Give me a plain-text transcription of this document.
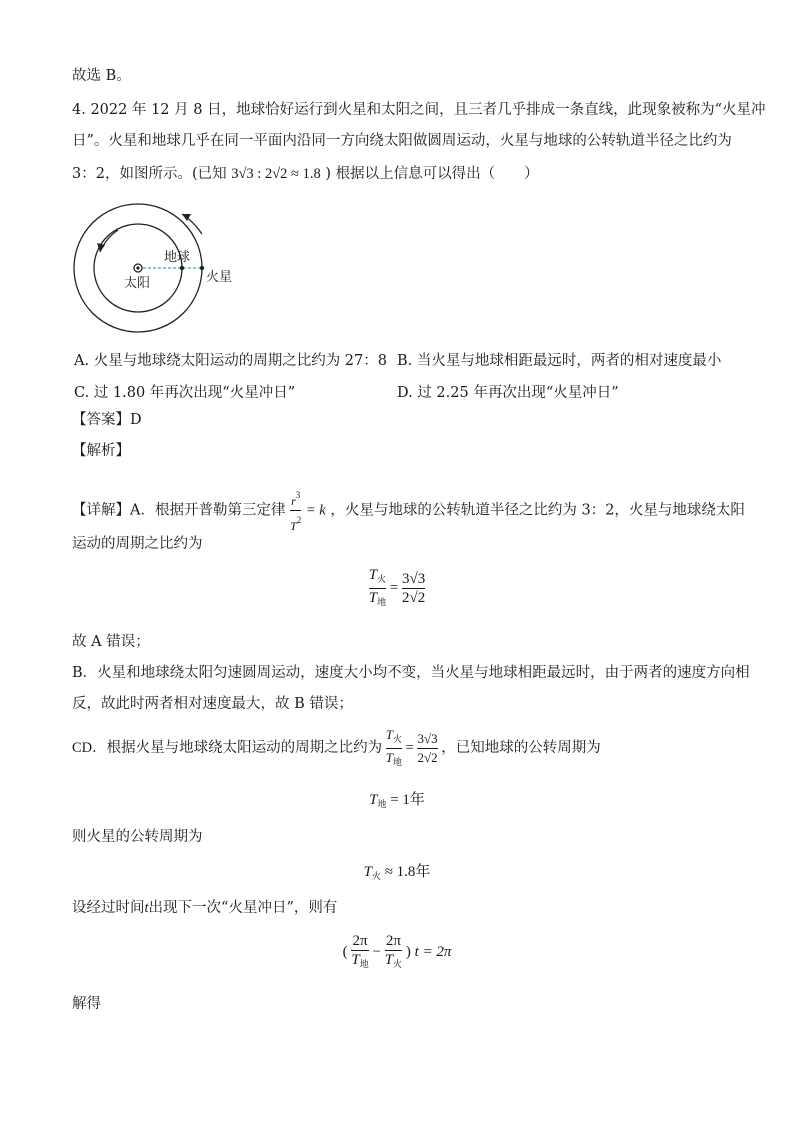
故选 B。
4. 2022 年 12 月 8 日，地球恰好运行到火星和太阳之间，且三者几乎排成一条直线，此现象被称为“火星冲
日”。火星和地球几乎在同一平面内沿同一方向绕太阳做圆周运动，火星与地球的公转轨道半径之比约为
3：2，如图所示。(已知 3√3 : 2√2 ≈ 1.8 ) 根据以上信息可以得出（　　）
地球
太阳	火星
A. 火星与地球绕太阳运动的周期之比约为 27：8 B. 当火星与地球相距最远时，两者的相对速度最小
C. 过 1.80 年再次出现“火星冲日”	D. 过 2.25 年再次出现“火星冲日”
【答案】D
【解析】
【详解】A．根据开普勒第三定律 $\frac{r^3}{T^2} = k$ ，火星与地球的公转轨道半径之比约为 3：2，火星与地球绕太阳
运动的周期之比约为
$\frac{T_火}{T_地} = \frac{3√3}{2√2}$
故 A 错误；
B．火星和地球绕太阳匀速圆周运动，速度大小均不变，当火星与地球相距最远时，由于两者的速度方向相
反，故此时两者相对速度最大，故 B 错误；
CD．根据火星与地球绕太阳运动的周期之比约为 $\frac{T_火}{T_地} = \frac{3√3}{2√2}$ ，已知地球的公转周期为
$T_地 = 1$年
则火星的公转周期为
$T_火 \approx 1.8$年
设经过时间t出现下一次“火星冲日”，则有
( $\frac{2\pi}{T_地} - \frac{2\pi}{T_火}$ ) t = 2π
解得
